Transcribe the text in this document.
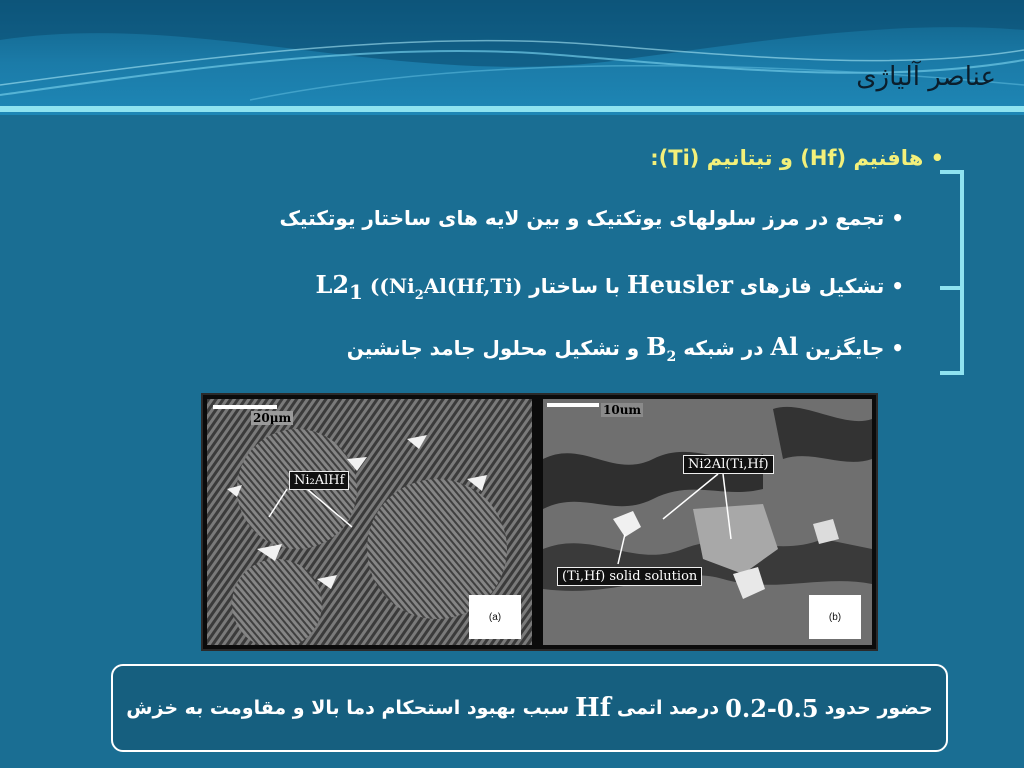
عناصر آلیاژی
• هافنیم (Hf) و تیتانیم (Ti):
• تجمع در مرز سلولهای یوتکتیک و بین لایه های ساختار یوتکتیک
• تشکیل فازهای Heusler با ساختار $L2_1$ (($Ni_2Al(Hf,Ti)$
• جایگزین Al در شبکه $B_2$ و تشکیل محلول جامد جانشین
20µm
Ni₂AlHf
(a)
10um
Ni2Al(Ti,Hf)
(Ti,Hf) solid solution
(b)
حضور حدود
0.2-0.5
درصد اتمی
Hf
سبب بهبود استحکام دما بالا و مقاومت به خزش
